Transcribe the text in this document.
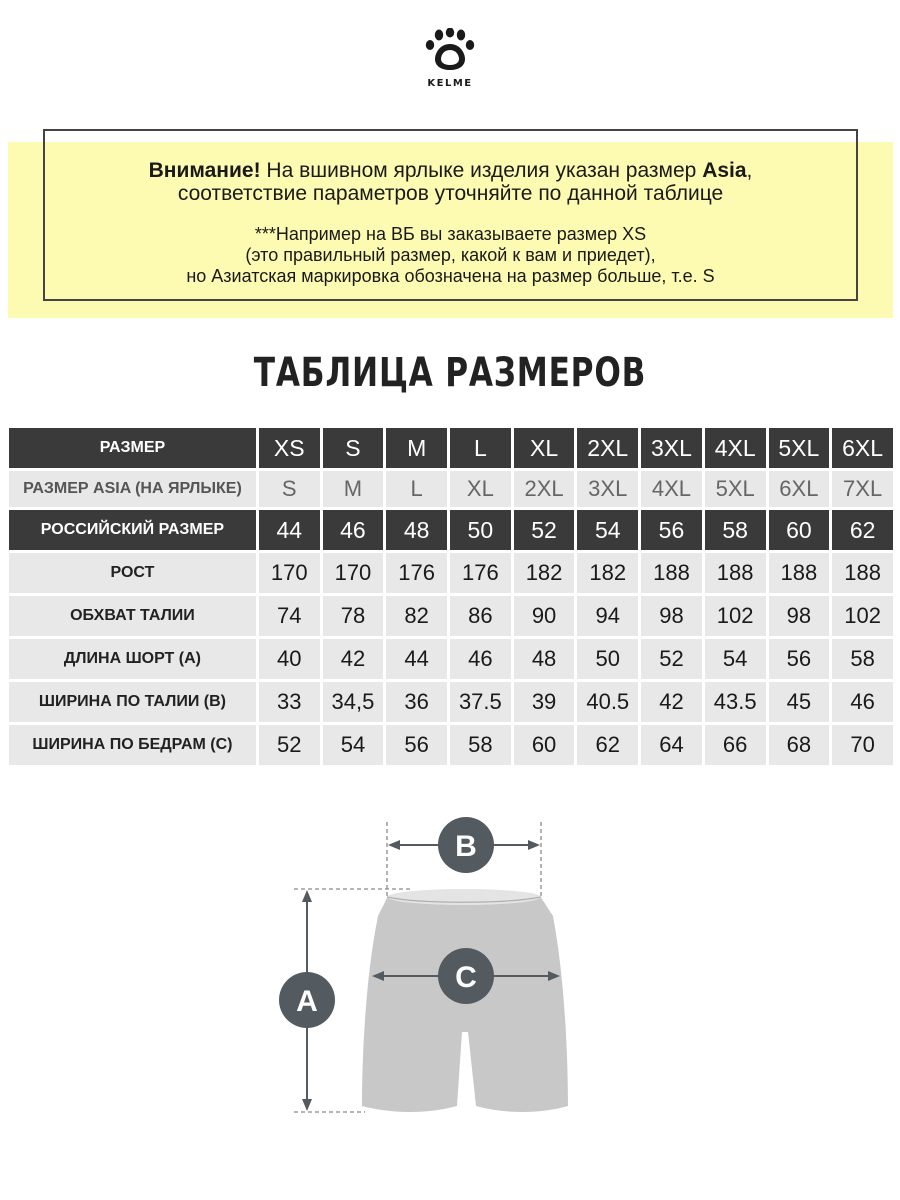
KELME
Внимание! На вшивном ярлыке изделия указан размер Asia,
соответствие параметров уточняйте по данной таблице
***Например на ВБ вы заказываете размер XS
(это правильный размер, какой к вам и приедет),
но Азиатская маркировка обозначена на размер больше, т.е. S
ТАБЛИЦА РАЗМЕРОВ
РАЗМЕР	XS	S	M	L	XL	2XL	3XL	4XL	5XL	6XL
РАЗМЕР ASIA (НА ЯРЛЫКЕ)	S	M	L	XL	2XL	3XL	4XL	5XL	6XL	7XL
РОССИЙСКИЙ РАЗМЕР	44	46	48	50	52	54	56	58	60	62
РОСТ	170	170	176	176	182	182	188	188	188	188
ОБХВАТ ТАЛИИ	74	78	82	86	90	94	98	102	98	102
ДЛИНА ШОРТ (А)	40	42	44	46	48	50	52	54	56	58
ШИРИНА ПО ТАЛИИ (В)	33	34,5	36	37.5	39	40.5	42	43.5	45	46
ШИРИНА ПО БЕДРАМ (С)	52	54	56	58	60	62	64	66	68	70
B
C
A
